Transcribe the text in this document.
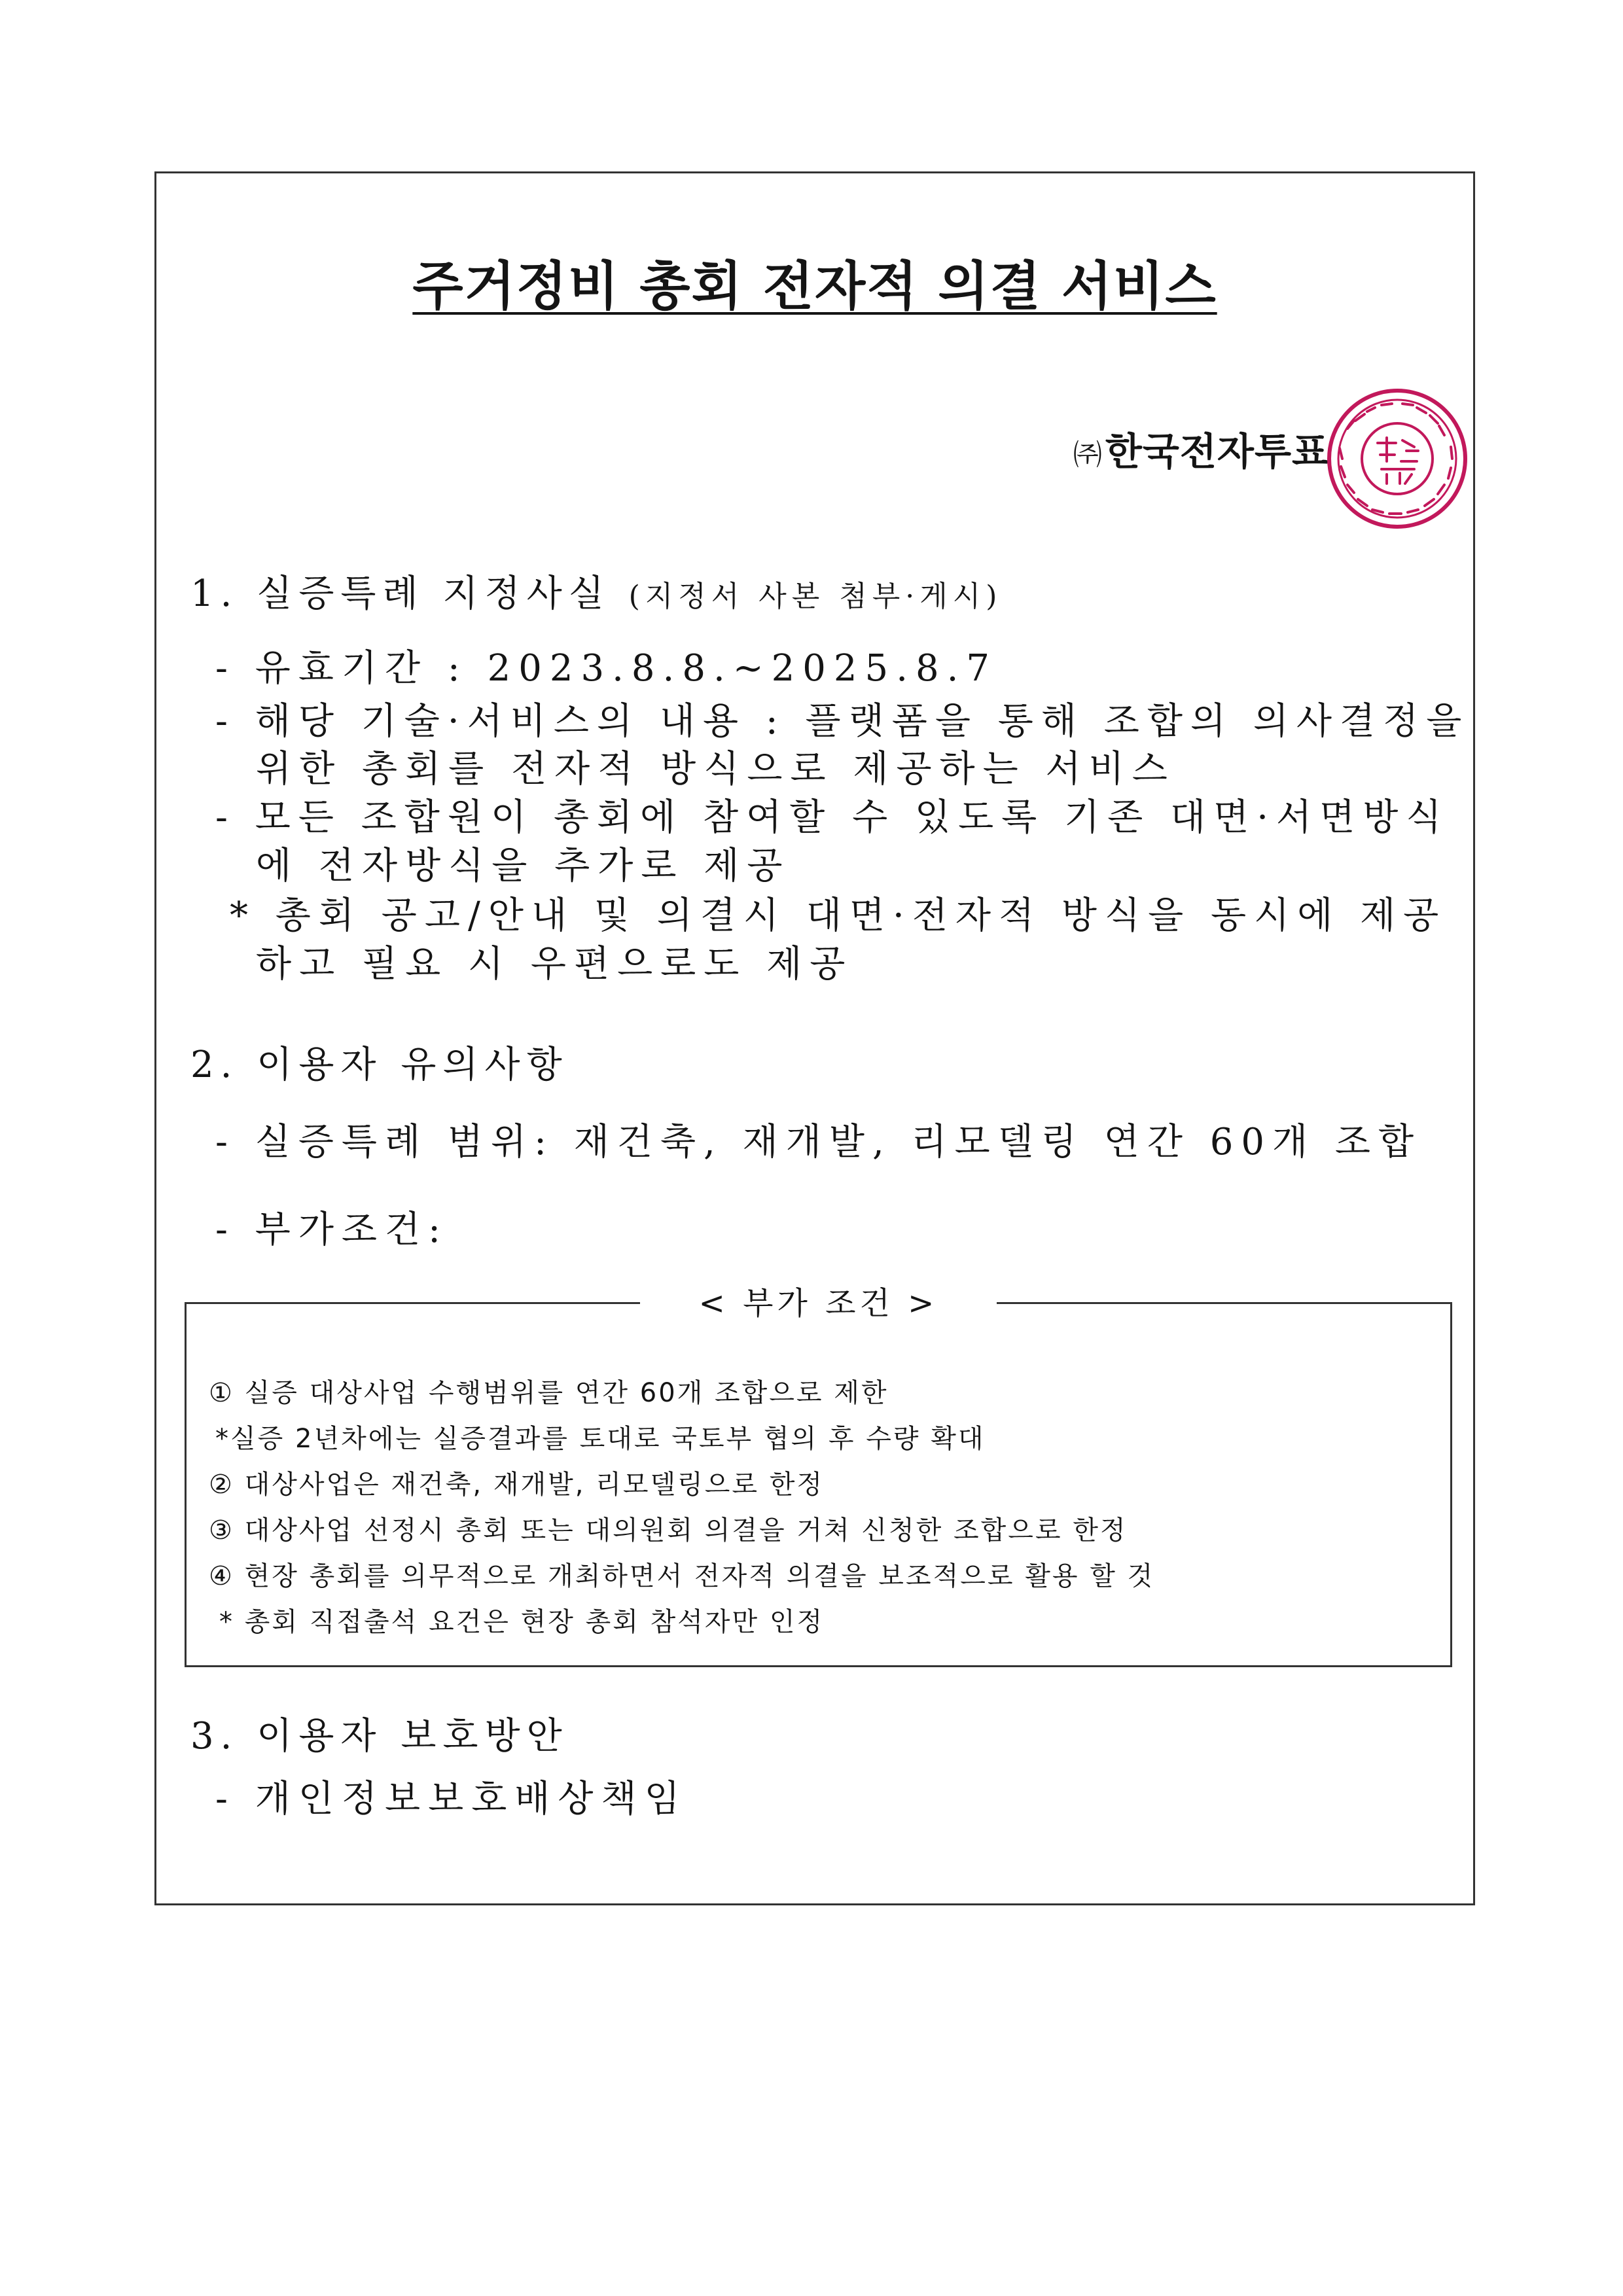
주거정비 총회 전자적 의결 서비스
㈜한국전자투표
1. 실증특례 지정사실 (지정서 사본 첨부·게시)
- 유효기간 : 2023.8.8.~2025.8.7
- 해당 기술·서비스의 내용 : 플랫폼을 통해 조합의 의사결정을
위한 총회를 전자적 방식으로 제공하는 서비스
- 모든 조합원이 총회에 참여할 수 있도록 기존 대면·서면방식
에 전자방식을 추가로 제공
* 총회 공고/안내 및 의결시 대면·전자적 방식을 동시에 제공
하고 필요 시 우편으로도 제공
2. 이용자 유의사항
- 실증특례 범위: 재건축, 재개발, 리모델링 연간 60개 조합
- 부가조건:
< 부가 조건 >
① 실증 대상사업 수행범위를 연간 60개 조합으로 제한
*실증 2년차에는 실증결과를 토대로 국토부 협의 후 수량 확대
② 대상사업은 재건축, 재개발, 리모델링으로 한정
③ 대상사업 선정시 총회 또는 대의원회 의결을 거쳐 신청한 조합으로 한정
④ 현장 총회를 의무적으로 개최하면서 전자적 의결을 보조적으로 활용 할 것
* 총회 직접출석 요건은 현장 총회 참석자만 인정
3. 이용자 보호방안
- 개인정보보호배상책임
